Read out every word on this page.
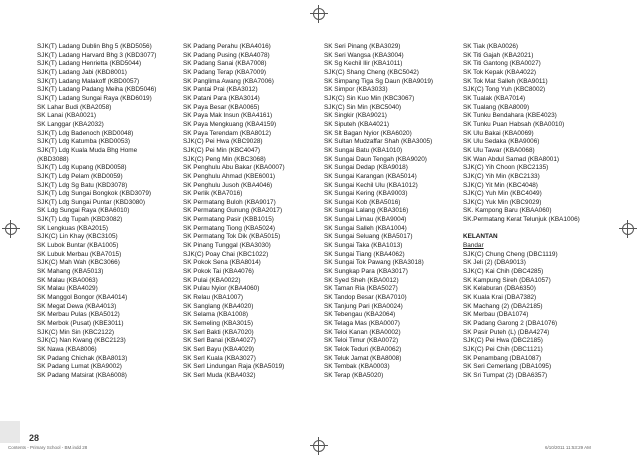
SJK(T) Ladang Dublin Bhg 5 (KBD5056)
SJK(T) Ladang Harvard Bhg 3 (KBD3077)
SJK(T) Ladang Henrietta (KBD5044)
SJK(T) Ladang Jabi (KBD8001)
SJK(T) Ladang Malakoff (KBD0057)
SJK(T) Ladang Padang Meiha (KBD5046)
SJK(T) Ladang Sungai Raya (KBD6019)
SK Lahar Budi (KBA2058)
SK Lanai (KBA0021)
SK Langgar (KBA2032)
SJK(T) Ldg Badenoch (KBD0048)
SJK(T) Ldg Katumba (KBD0053)
SJK(T) Ldg Kuala Muda Bhg Home
(KBD3088)
SJK(T) Ldg Kupang (KBD0058)
SJK(T) Ldg Pelam (KBD0059)
SJK(T) Ldg Sg Batu (KBD3078)
SJK(T) Ldg Sungai Bongkok (KBD3079)
SJK(T) Ldg Sungai Puntar (KBD3080)
SK Ldg Sungai Raya (KBA6010)
SJK(T) Ldg Tupah (KBD3082)
SK Lengkuas (KBA2015)
SJK(C) Lin Khay (KBC3105)
SK Lubok Buntar (KBA1005)
SK Lubuk Merbau (KBA7015)
SJK(C) Mah Wah (KBC3066)
SK Mahang (KBA5013)
SK Malau (KBA0063)
SK Malau (KBA4029)
SK Manggol Bongor (KBA4014)
SK Megat Dewa (KBA4013)
SK Merbau Pulas (KBA5012)
SK Merbok (Pusat) (KBE3011)
SJK(C) Min Sin (KBC2122)
SJK(C) Nan Kwang (KBC2123)
SK Nawa (KBA8006)
SK Padang Chichak (KBA8013)
SK Padang Lumat (KBA9002)
SK Padang Matsirat (KBA6008)
SK Padang Perahu (KBA4016)
SK Padang Pusing (KBA4078)
SK Padang Sanai (KBA7008)
SK Padang Terap (KBA7009)
SK Panglima Awang (KBA7006)
SK Pantai Prai (KBA3012)
SK Patani Para (KBA3014)
SK Paya Besar (KBA0065)
SK Paya Mak Insun (KBA4161)
SK Paya Mengkuang (KBA4159)
SK Paya Terendam (KBA8012)
SJK(C) Pei Hwa (KBC9028)
SJK(C) Pei Min (KBC4047)
SJK(C) Peng Min (KBC3068)
SK Penghulu Abu Bakar (KBA0007)
SK Penghulu Ahmad (KBE6001)
SK Penghulu Jusoh (KBA4046)
SK Perlik (KBA7016)
SK Permatang Buloh (KBA9017)
SK Permatang Gunung (KBA2017)
SK Permatang Pasir (KBB1015)
SK Permatang Tiong (KBA5024)
SK Permatang Tok Dik (KBA5015)
SK Pinang Tunggal (KBA3030)
SJK(C) Poay Chai (KBC1022)
SK Pokok Sena (KBA8014)
SK Pokok Tai (KBA4076)
SK Pulai (KBA0022)
SK Pulau Nyior (KBA4060)
SK Relau (KBA1007)
SK Sanglang (KBA4020)
SK Selama (KBA1008)
SK Semeling (KBA3015)
SK Serl Bakti (KBA7020)
SK Serl Banai (KBA4027)
SK Serl Bayu (KBA4029)
SK Serl Kuala (KBA3027)
SK Serl Lindungan Raja (KBA5019)
SK Serl Muda (KBA4032)
SK Seri Pinang (KBA3029)
SK Seri Wangsa (KBA3004)
SK Sg Kechil Ilir (KBA1011)
SJK(C) Shang Cheng (KBC5042)
SK Simpang Tiga Sg Daun (KBA9019)
SK Simpor (KBA3033)
SJK(C) Sin Kuo Min (KBC3067)
SJK(C) Sin Min (KBC5040)
SK Singkir (KBA9021)
SK Siputeh (KBA4021)
SK Slt Bagan Nyior (KBA6020)
SK Sultan Mudzaffar Shah (KBA3005)
SK Sungai Batu (KBA1010)
SK Sungai Daun Tengah (KBA9020)
SK Sungai Dedap (KBA9018)
SK Sungai Karangan (KBA5014)
SK Sungai Kechil Ulu (KBA1012)
SK Sungai Kering (KBA9003)
SK Sungai Kob (KBA5016)
SK Sungai Lalang (KBA3016)
SK Sungai Limau (KBA9004)
SK Sungai Salleh (KBA1004)
SK Sungai Seluang (KBA5017)
SK Sungai Taka (KBA1013)
SK Sungai Tiang (KBA4062)
SK Sungai Tok Pawang (KBA3018)
SK Sungkap Para (KBA3017)
SK Syed Sheh (KBA0012)
SK Taman Ria (KBA5027)
SK Tandop Besar (KBA7010)
SK Tanjung Pari (KBA0024)
SK Tebengau (KBA2064)
SK Telaga Mas (KBA0007)
SK Teloi Kanan (KBA0002)
SK Teloi Timur (KBA0072)
SK Telok Teduri (KBA0062)
SK Teluk Jamat (KBA8008)
SK Tembak (KBA0003)
SK Terap (KBA5020)
SK Tiak (KBA0026)
SK Titi Gajah (KBA2021)
SK Titi Gantong (KBA0027)
SK Tok Kepak (KBA4022)
SK Tok Mat Salleh (KBA9011)
SJK(C) Tong Yuh (KBC8002)
SK Tualak (KBA7014)
SK Tualang (KBA8009)
SK Tunku Bendahara (KBE4023)
SK Tunku Puan Habsah (KBA0010)
SK Ulu Bakai (KBA0069)
SK Ulu Sedaka (KBA9006)
SK Ulu Tawar (KBA0068)
SK Wan Abdul Samad (KBA8001)
SJK(C) Yih Choon (KBC2135)
SJK(C) Yih Min (KBC2133)
SJK(C) Yit Min (KBC4048)
SJK(C) Yuh Min (KBC4049)
SJK(C) Yuk Min (KBC9029)
SK. Kampong Baru (KBAA060)
SK.Permatang Kerat Telunjuk (KBA1006)
KELANTAN
Bandar
SJK(C) Chung Cheng (DBC1119)
SK Jeli (2) (DBA9013)
SJK(C) Kai Chih (DBC4285)
SK Kampung Sireh (DBA1057)
SK Kelaburan (DBA6350)
SK Kuala Krai (DBA7382)
SK Machang (2) (DBA2185)
SK Merbau (DBA1074)
SK Padang Garong 2 (DBA1076)
SK Pasir Puteh (L) (DBA4274)
SJK(C) Pei Hwa (DBC2185)
SJK(C) Pei Chih (DBC1121)
SK Penambang (DBA1087)
SK Seri Cemerlang (DBA1095)
SK Sri Tumpat (2) (DBA6357)
28
Contents - Primary School - BM.indd 28	6/10/2011 11:53:29 AM
